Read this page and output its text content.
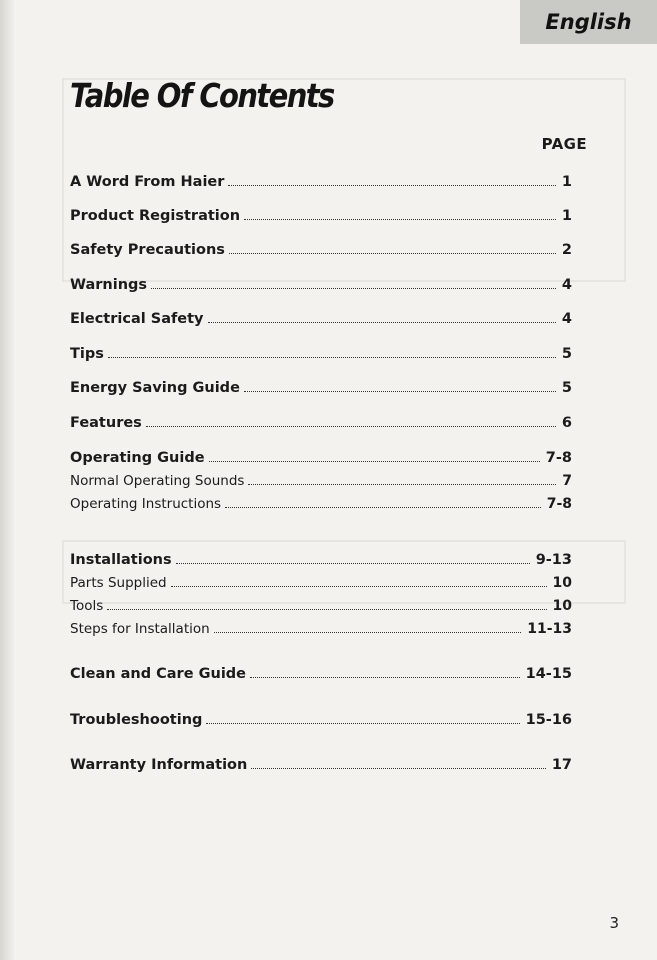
English
Table Of Contents
PAGE
A Word From Haier	1
Product Registration	1
Safety Precautions	2
Warnings	4
Electrical Safety	4
Tips	5
Energy Saving Guide	5
Features	6
Operating Guide	7-8
Normal Operating Sounds	7
Operating Instructions	7-8
Installations	9-13
Parts Supplied	10
Tools	10
Steps for Installation	11-13
Clean and Care Guide	14-15
Troubleshooting	15-16
Warranty Information	17
3
